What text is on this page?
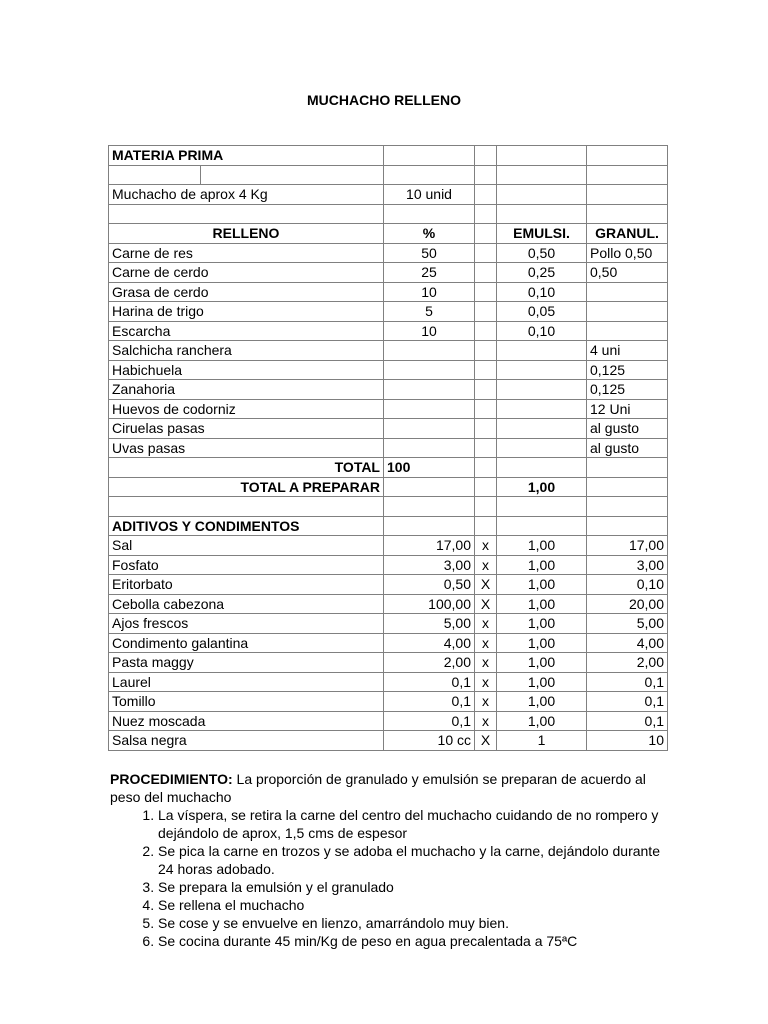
MUCHACHO RELLENO
MATERIA PRIMA					

Muchacho de aprox 4 Kg		10 unid			

RELLENO		%		EMULSI.	GRANUL.
Carne de res		50		0,50	Pollo 0,50
Carne de cerdo		25		0,25	0,50
Grasa de cerdo		10		0,10	
Harina de trigo		5		0,05	
Escarcha		10		0,10	
Salchicha ranchera					4 uni
Habichuela					0,125
Zanahoria					0,125
Huevos de codorniz					12 Uni
Ciruelas pasas					al gusto
Uvas pasas					al gusto
TOTAL		100			
TOTAL A PREPARAR				1,00	

ADITIVOS Y CONDIMENTOS					
Sal		17,00	x	1,00	17,00
Fosfato		3,00	x	1,00	3,00
Eritorbato		0,50	X	1,00	0,10
Cebolla cabezona		100,00	X	1,00	20,00
Ajos frescos		5,00	x	1,00	5,00
Condimento galantina		4,00	x	1,00	4,00
Pasta maggy		2,00	x	1,00	2,00
Laurel		0,1	x	1,00	0,1
Tomillo		0,1	x	1,00	0,1
Nuez moscada		0,1	x	1,00	0,1
Salsa negra		10 cc	X	1	10

PROCEDIMIENTO: La proporción de granulado y emulsión se preparan de acuerdo al peso del muchacho

1. La víspera, se retira la carne del centro del muchacho cuidando de no rompero y dejándolo de aprox, 1,5 cms de espesor
2. Se pica la carne en trozos y se adoba el muchacho y la carne, dejándolo durante 24 horas adobado.
3. Se prepara la emulsión y el granulado
4. Se rellena el muchacho
5. Se cose y se envuelve en lienzo, amarrándolo muy bien.
6. Se cocina durante 45 min/Kg de peso en agua precalentada a 75ªC
